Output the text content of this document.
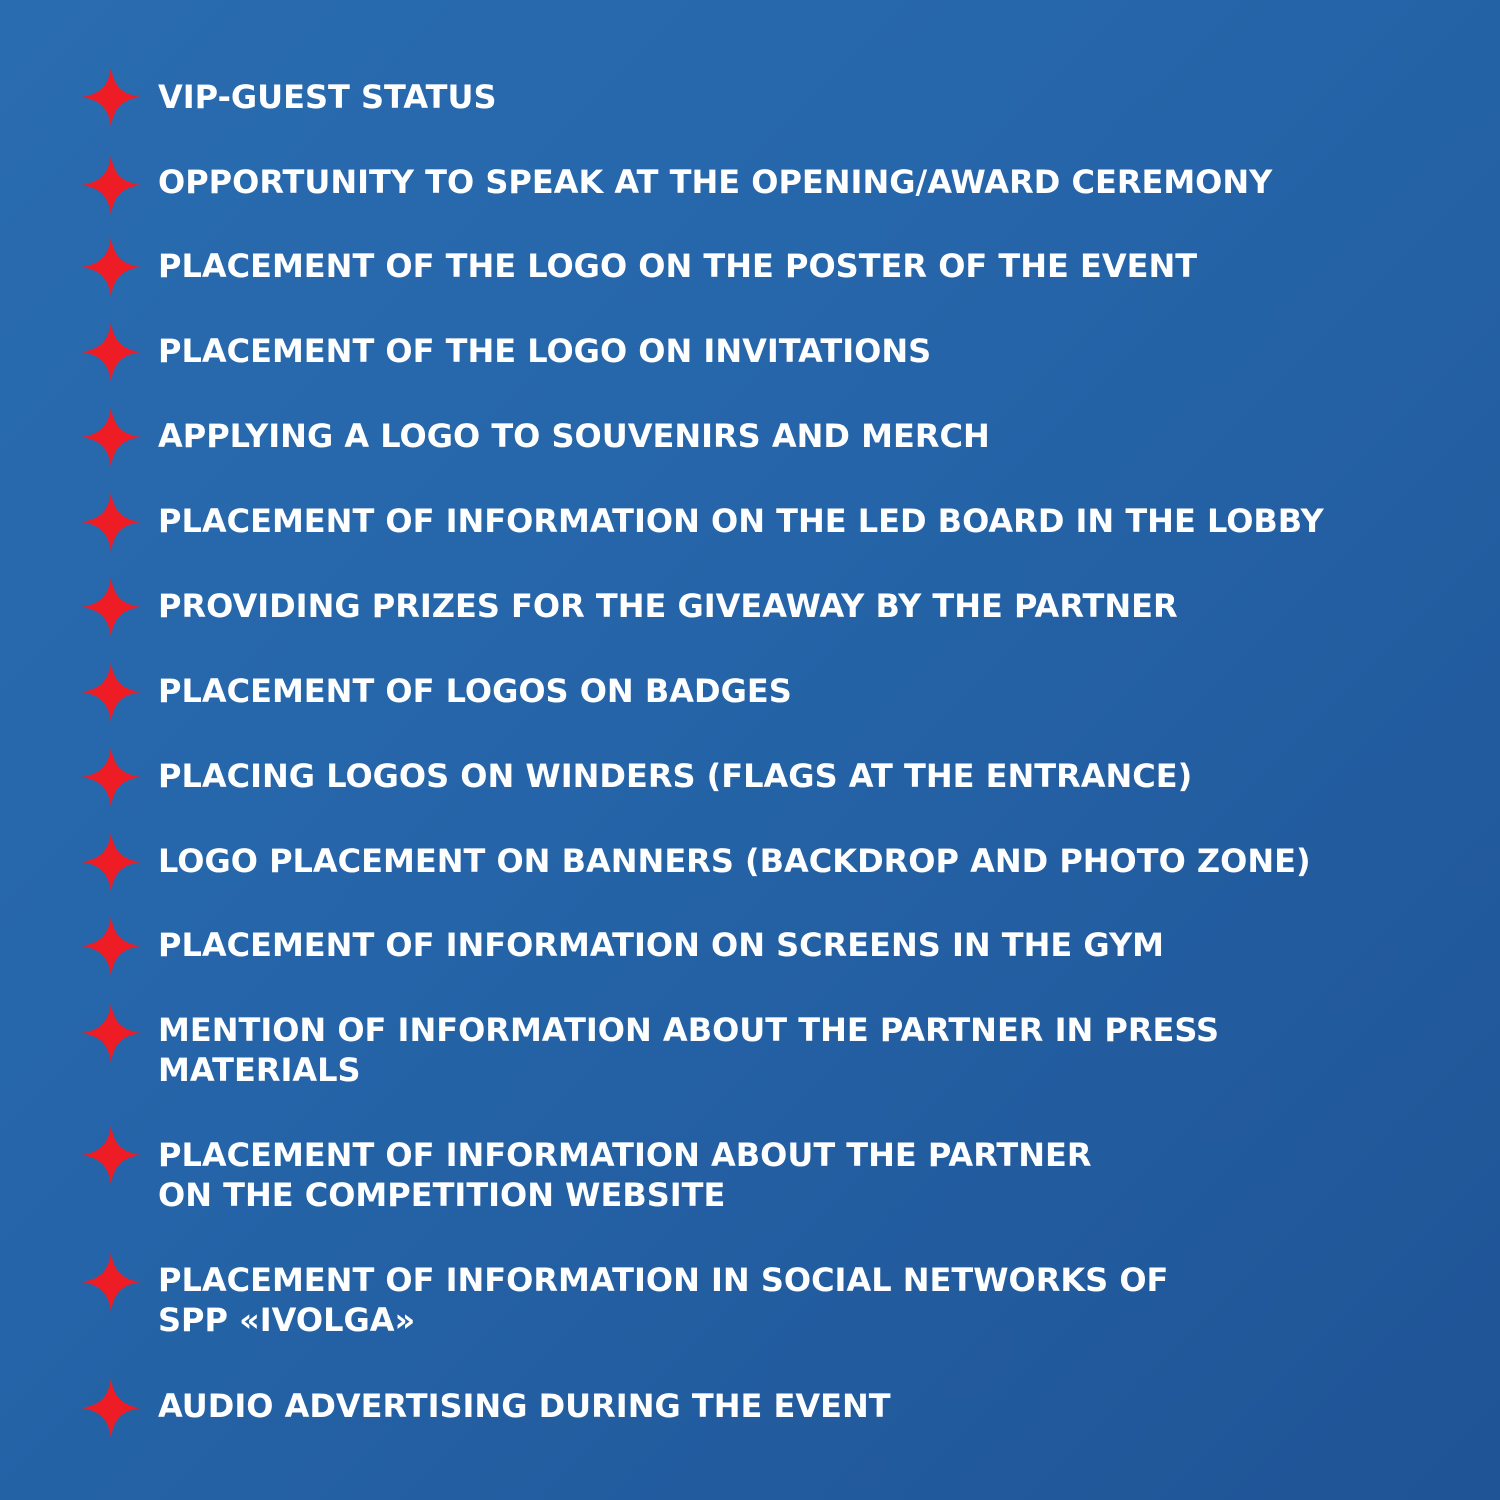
VIP-GUEST STATUS
OPPORTUNITY TO SPEAK AT THE OPENING/AWARD CEREMONY
PLACEMENT OF THE LOGO ON THE POSTER OF THE EVENT
PLACEMENT OF THE LOGO ON INVITATIONS
APPLYING A LOGO TO SOUVENIRS AND MERCH
PLACEMENT OF INFORMATION ON THE LED BOARD IN THE LOBBY
PROVIDING PRIZES FOR THE GIVEAWAY BY THE PARTNER
PLACEMENT OF LOGOS ON BADGES
PLACING LOGOS ON WINDERS (FLAGS AT THE ENTRANCE)
LOGO PLACEMENT ON BANNERS (BACKDROP AND PHOTO ZONE)
PLACEMENT OF INFORMATION ON SCREENS IN THE GYM
MENTION OF INFORMATION ABOUT THE PARTNER IN PRESS
MATERIALS
PLACEMENT OF INFORMATION ABOUT THE PARTNER
ON THE COMPETITION WEBSITE
PLACEMENT OF INFORMATION IN SOCIAL NETWORKS OF
SPP «IVOLGA»
AUDIO ADVERTISING DURING THE EVENT
